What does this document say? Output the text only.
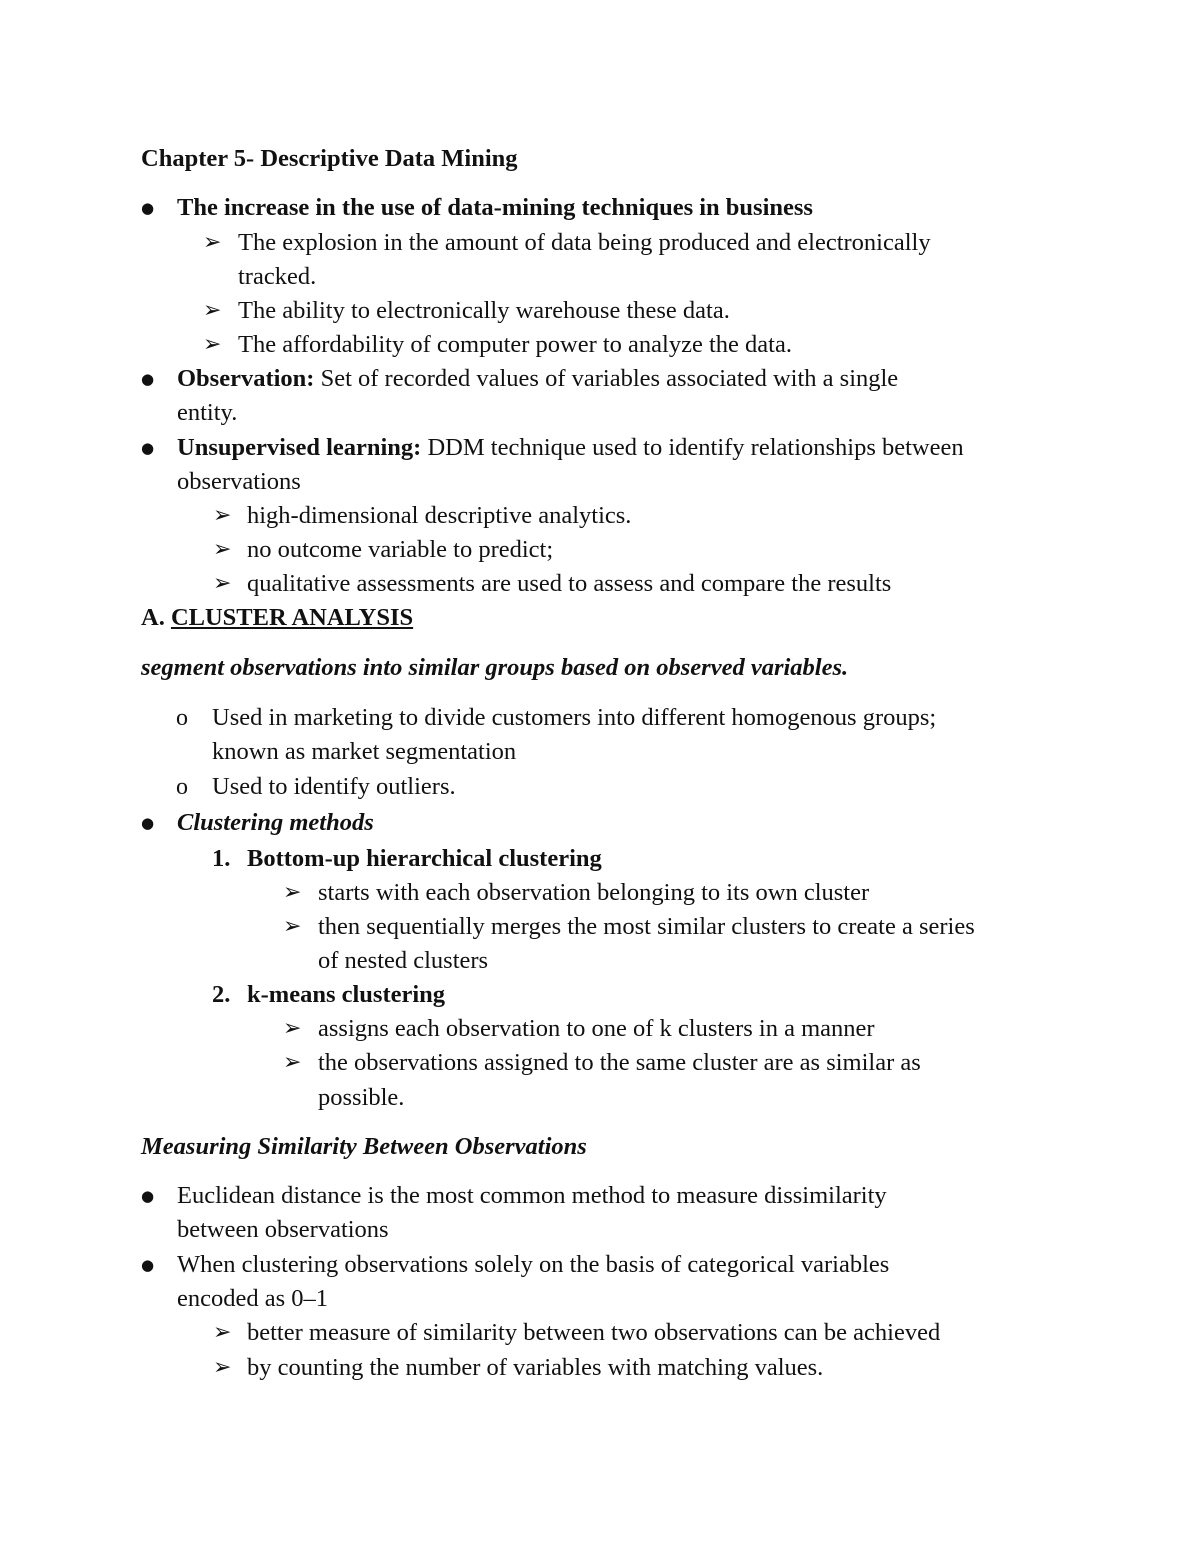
Chapter 5- Descriptive Data Mining
● The increase in the use of data-mining techniques in business
➢ The explosion in the amount of data being produced and electronically
tracked.
➢ The ability to electronically warehouse these data.
➢ The affordability of computer power to analyze the data.
● Observation: Set of recorded values of variables associated with a single
entity.
● Unsupervised learning: DDM technique used to identify relationships between
observations
➢ high-dimensional descriptive analytics.
➢ no outcome variable to predict;
➢ qualitative assessments are used to assess and compare the results
A. CLUSTER ANALYSIS
segment observations into similar groups based on observed variables.
o Used in marketing to divide customers into different homogenous groups;
known as market segmentation
o Used to identify outliers.
● Clustering methods
1. Bottom-up hierarchical clustering
➢ starts with each observation belonging to its own cluster
➢ then sequentially merges the most similar clusters to create a series
of nested clusters
2. k-means clustering
➢ assigns each observation to one of k clusters in a manner
➢ the observations assigned to the same cluster are as similar as
possible.
Measuring Similarity Between Observations
● Euclidean distance is the most common method to measure dissimilarity
between observations
● When clustering observations solely on the basis of categorical variables
encoded as 0–1
➢ better measure of similarity between two observations can be achieved
➢ by counting the number of variables with matching values.
